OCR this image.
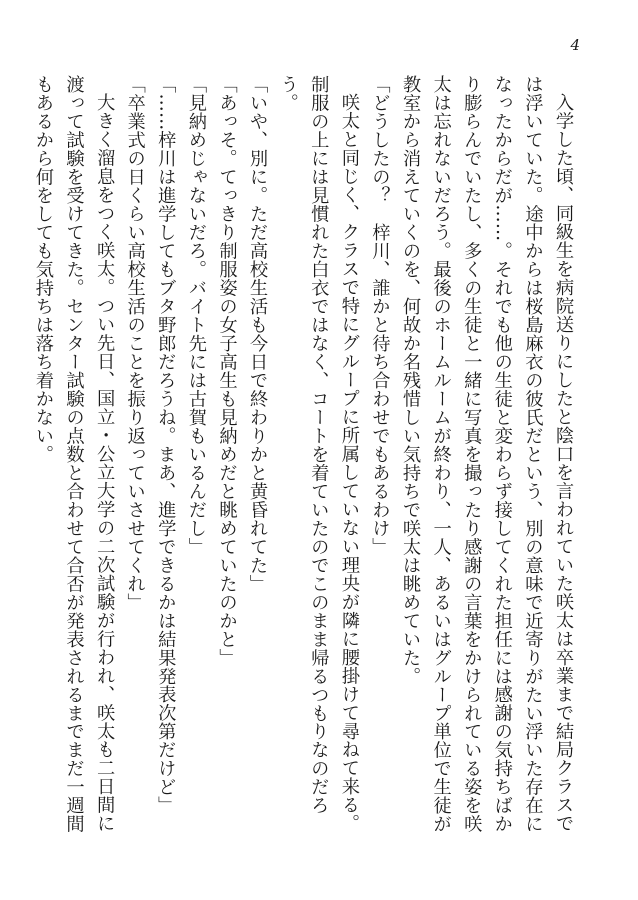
4

入学した頃、同級生を病院送りにしたと陰口を言われていた咲太は卒業まで結局クラスでは浮いていた。途中からは桜島麻衣の彼氏だという、別の意味で近寄りがたい浮いた存在になったからだが……。それでも他の生徒と変わらず接してくれた担任には感謝の気持ちばかり膨らんでいたし、多くの生徒と一緒に写真を撮ったり感謝の言葉をかけられている姿を咲太は忘れないだろう。最後のホームルームが終わり、一人、あるいはグループ単位で生徒が教室から消えていくのを、何故か名残惜しい気持ちで咲太は眺めていた。

「どうしたの？　梓川、誰かと待ち合わせでもあるわけ」

咲太と同じく、クラスで特にグループに所属していない理央が隣に腰掛けて尋ねて来る。制服の上には見慣れた白衣ではなく、コートを着ていたのでこのまま帰るつもりなのだろう。

「いや、別に。ただ高校生活も今日で終わりかと黄昏れてた」

「あっそ。てっきり制服姿の女子高生も見納めだと眺めていたのかと」

「見納めじゃないだろ。バイト先には古賀もいるんだし」

「……梓川は進学してもブタ野郎だろうね。まあ、進学できるかは結果発表次第だけど」

「卒業式の日くらい高校生活のことを振り返っていさせてくれ」

大きく溜息をつく咲太。つい先日、国立・公立大学の二次試験が行われ、咲太も二日間に渡って試験を受けてきた。センター試験の点数と合わせて合否が発表されるまでまだ一週間もあるから何をしても気持ちは落ち着かない。
